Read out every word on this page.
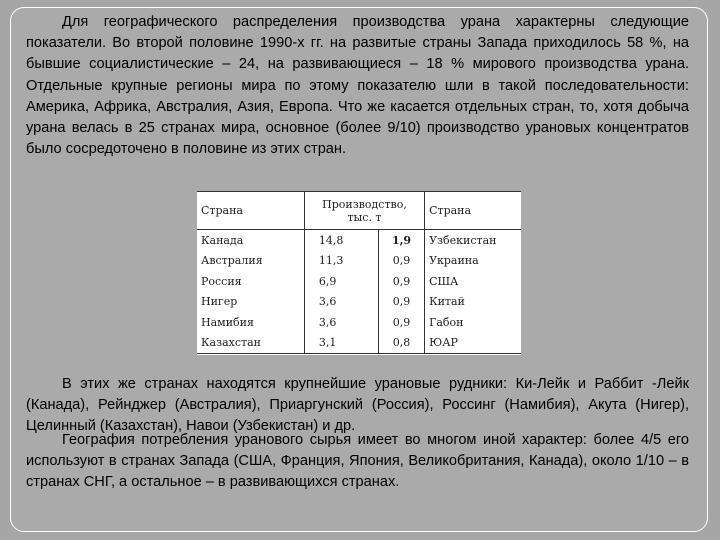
Для географического распределения производства урана характерны следующие показатели. Во второй половине 1990-х гг. на развитые страны Запада приходилось 58 %, на бывшие социалистические – 24, на развивающиеся – 18 % мирового производства урана. Отдельные крупные регионы мира по этому показателю шли в такой последовательности: Америка, Африка, Австралия, Азия, Европа. Что же касается отдельных стран, то, хотя добыча урана велась в 25 странах мира, основное (более 9/10) производство урановых концентратов было сосредоточено в половине из этих стран.

Страна	Производство, тыс. т		Страна
Канада	14,8	1,9	Узбекистан
Австралия	11,3	0,9	Украина
Россия	6,9	0,9	США
Нигер	3,6	0,9	Китай
Намибия	3,6	0,9	Габон
Казахстан	3,1	0,8	ЮАР

В этих же странах находятся крупнейшие урановые рудники: Ки-Лейк и Раббит -Лейк (Канада), Рейнджер (Австралия), Приаргунский (Россия), Россинг (Намибия), Акута (Нигер), Целинный (Казахстан), Навои (Узбекистан) и др.

География потребления уранового сырья имеет во многом иной характер: более 4/5 его используют в странах Запада (США, Франция, Япония, Великобритания, Канада), около 1/10 – в странах СНГ, а остальное – в развивающихся странах.
